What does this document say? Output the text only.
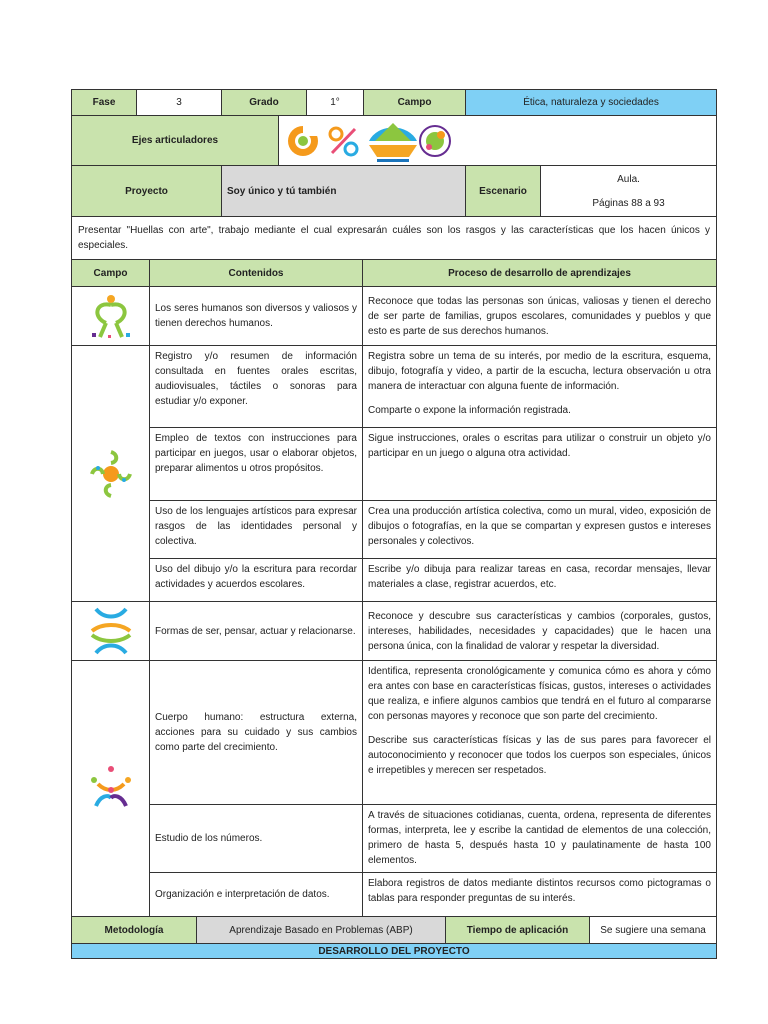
Fase	3	Grado		1°	Campo	Ética, naturaleza y sociedades	
Ejes articuladores	

Proyecto		Soy único y tú también				Escenario	Aula.
Páginas 88 a 93

Presentar "Huellas con arte", trabajo mediante el cual expresarán cuáles son los rasgos y las características que los hacen únicos y especiales.							
Campo	Contenidos	Proceso de desarrollo de aprendizajes

	Los seres humanos son diversos y valiosos y tienen derechos humanos.	Reconoce que todas las personas son únicas, valiosas y tienen el derecho de ser parte de familias, grupos escolares, comunidades y pueblos y que esto es parte de sus derechos humanos.

	Registro y/o resumen de información consultada en fuentes orales escritas, audiovisuales, táctiles o sonoras para estudiar y/o exponer.	Registra sobre un tema de su interés, por medio de la escritura, esquema, dibujo, fotografía y video, a partir de la escucha, lectura observación u otra manera de interactuar con alguna fuente de información.

Comparte o expone la información registrada.

	Empleo de textos con instrucciones para participar en juegos, usar o elaborar objetos, preparar alimentos u otros propósitos.	Sigue instrucciones, orales o escritas para utilizar o construir un objeto y/o participar en un juego o alguna otra actividad.

	Uso de los lenguajes artísticos para expresar rasgos de las identidades personal y colectiva.	Crea una producción artística colectiva, como un mural, video, exposición de dibujos o fotografías, en la que se compartan y expresen gustos e intereses personales y colectivos.

	Uso del dibujo y/o la escritura para recordar actividades y acuerdos escolares.	Escribe y/o dibuja para realizar tareas en casa, recordar mensajes, llevar materiales a clase, registrar acuerdos, etc.

	Formas de ser, pensar, actuar y relacionarse.	Reconoce y descubre sus características y cambios (corporales, gustos, intereses, habilidades, necesidades y capacidades) que le hacen una persona única, con la finalidad de valorar y respetar la diversidad.

	Cuerpo humano: estructura externa, acciones para su cuidado y sus cambios como parte del crecimiento.	Identifica, representa cronológicamente y comunica cómo es ahora y cómo era antes con base en características físicas, gustos, intereses o actividades que realiza, e infiere algunos cambios que tendrá en el futuro al compararse con personas mayores y reconoce que son parte del crecimiento.

Describe sus características físicas y las de sus pares para favorecer el autoconocimiento y reconocer que todos los cuerpos son especiales, únicos e irrepetibles y merecen ser respetados.

	Estudio de los números.	A través de situaciones cotidianas, cuenta, ordena, representa de diferentes formas, interpreta, lee y escribe la cantidad de elementos de una colección, primero de hasta 5, después hasta 10 y paulatinamente de hasta 100 elementos.

	Organización e interpretación de datos.	Elabora registros de datos mediante distintos recursos como pictogramas o tablas para responder preguntas de su interés.

Metodología	Aprendizaje Basado en Problemas (ABP)	Tiempo de aplicación	Se sugiere una semana
DESARROLLO DEL PROYECTO
